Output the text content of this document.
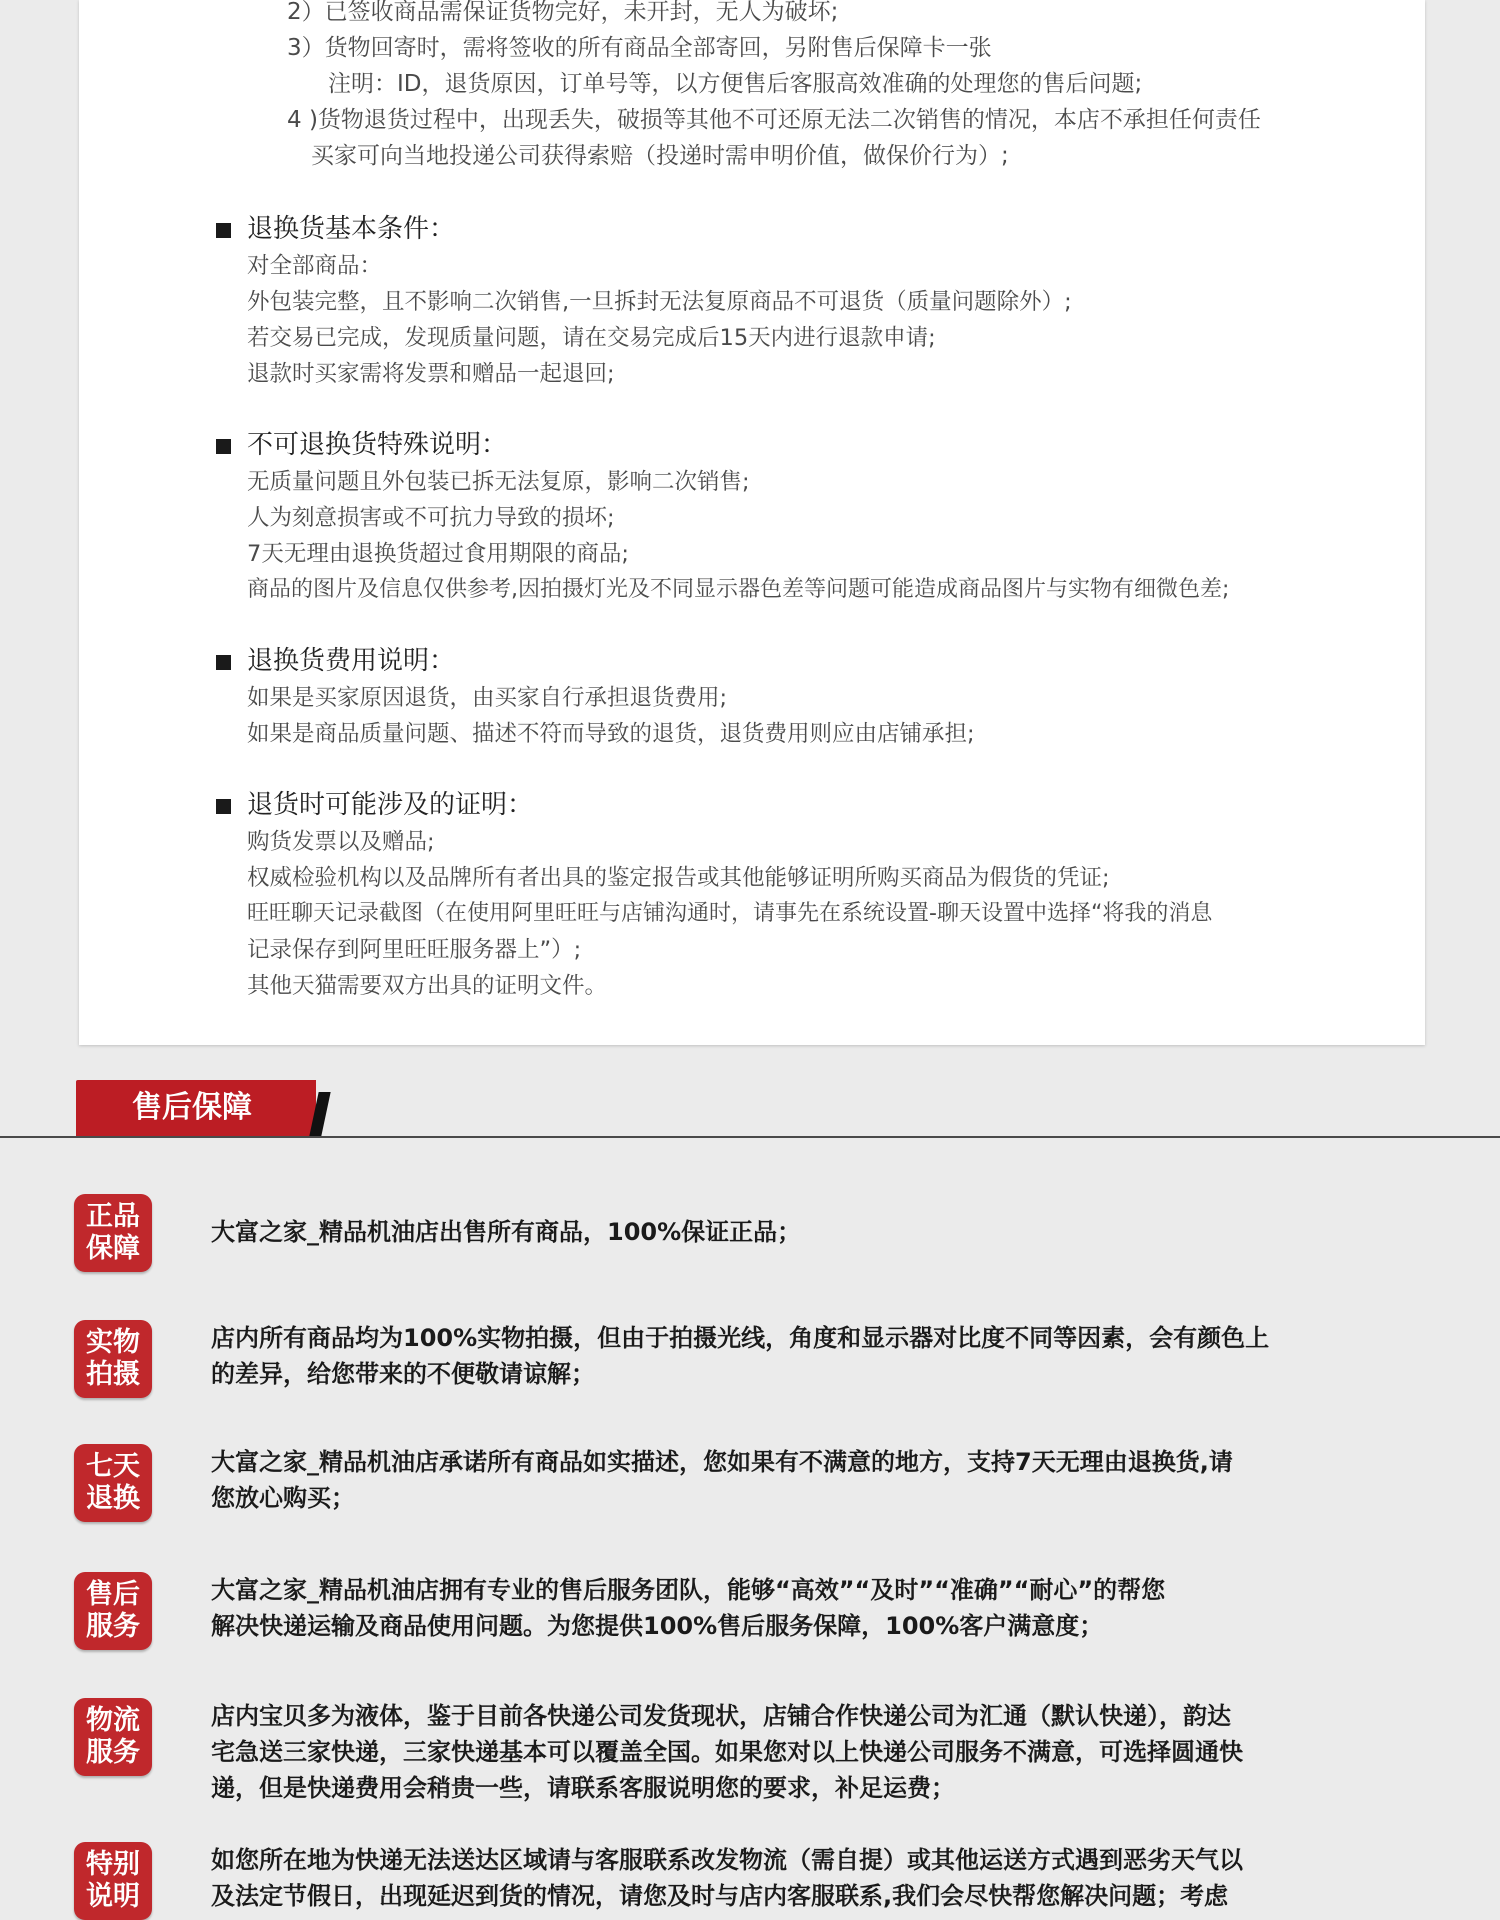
2）已签收商品需保证货物完好，未开封，无人为破坏;
3）货物回寄时，需将签收的所有商品全部寄回，另附售后保障卡一张
注明：ID，退货原因，订单号等，以方便售后客服高效准确的处理您的售后问题;
4 )货物退货过程中，出现丢失，破损等其他不可还原无法二次销售的情况，本店不承担任何责任
买家可向当地投递公司获得索赔（投递时需申明价值，做保价行为）;
退换货基本条件：
对全部商品：
外包装完整，且不影响二次销售,一旦拆封无法复原商品不可退货（质量问题除外）;
若交易已完成，发现质量问题，请在交易完成后15天内进行退款申请;
退款时买家需将发票和赠品一起退回;
不可退换货特殊说明：
无质量问题且外包装已拆无法复原，影响二次销售;
人为刻意损害或不可抗力导致的损坏;
7天无理由退换货超过食用期限的商品;
商品的图片及信息仅供参考,因拍摄灯光及不同显示器色差等问题可能造成商品图片与实物有细微色差;
退换货费用说明：
如果是买家原因退货，由买家自行承担退货费用;
如果是商品质量问题、描述不符而导致的退货，退货费用则应由店铺承担;
退货时可能涉及的证明：
购货发票以及赠品;
权威检验机构以及品牌所有者出具的鉴定报告或其他能够证明所购买商品为假货的凭证;
旺旺聊天记录截图（在使用阿里旺旺与店铺沟通时，请事先在系统设置-聊天设置中选择“将我的消息
记录保存到阿里旺旺服务器上”）;
其他天猫需要双方出具的证明文件。
售后保障
正品
保障
大富之家_精品机油店出售所有商品，100%保证正品；
实物
拍摄
店内所有商品均为100%实物拍摄，但由于拍摄光线，角度和显示器对比度不同等因素，会有颜色上
的差异，给您带来的不便敬请谅解；
七天
退换
大富之家_精品机油店承诺所有商品如实描述，您如果有不满意的地方，支持7天无理由退换货,请
您放心购买；
售后
服务
大富之家_精品机油店拥有专业的售后服务团队，能够“高效”“及时”“准确”“耐心”的帮您
解决快递运输及商品使用问题。为您提供100%售后服务保障，100%客户满意度；
物流
服务
店内宝贝多为液体，鉴于目前各快递公司发货现状，店铺合作快递公司为汇通（默认快递），韵达
宅急送三家快递，三家快递基本可以覆盖全国。如果您对以上快递公司服务不满意，可选择圆通快
递，但是快递费用会稍贵一些，请联系客服说明您的要求，补足运费；
特别
说明
如您所在地为快递无法送达区域请与客服联系改发物流（需自提）或其他运送方式遇到恶劣天气以
及法定节假日，出现延迟到货的情况，请您及时与店内客服联系,我们会尽快帮您解决问题；考虑
